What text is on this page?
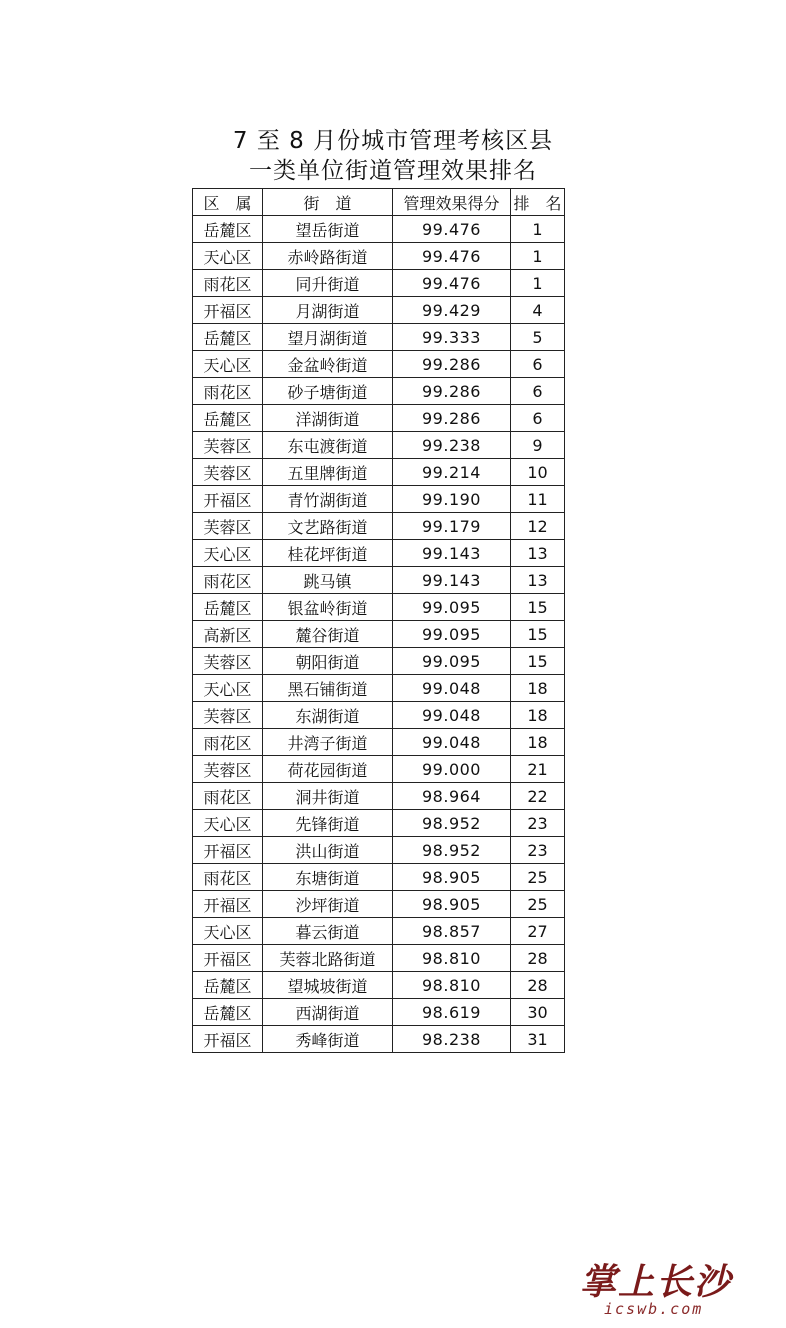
7 至 8 月份城市管理考核区县
一类单位街道管理效果排名
区　属	街　道	管理效果得分	排　名
岳麓区	望岳街道	99.476	1
天心区	赤岭路街道	99.476	1
雨花区	同升街道	99.476	1
开福区	月湖街道	99.429	4
岳麓区	望月湖街道	99.333	5
天心区	金盆岭街道	99.286	6
雨花区	砂子塘街道	99.286	6
岳麓区	洋湖街道	99.286	6
芙蓉区	东屯渡街道	99.238	9
芙蓉区	五里牌街道	99.214	10
开福区	青竹湖街道	99.190	11
芙蓉区	文艺路街道	99.179	12
天心区	桂花坪街道	99.143	13
雨花区	跳马镇	99.143	13
岳麓区	银盆岭街道	99.095	15
高新区	麓谷街道	99.095	15
芙蓉区	朝阳街道	99.095	15
天心区	黑石铺街道	99.048	18
芙蓉区	东湖街道	99.048	18
雨花区	井湾子街道	99.048	18
芙蓉区	荷花园街道	99.000	21
雨花区	洞井街道	98.964	22
天心区	先锋街道	98.952	23
开福区	洪山街道	98.952	23
雨花区	东塘街道	98.905	25
开福区	沙坪街道	98.905	25
天心区	暮云街道	98.857	27
开福区	芙蓉北路街道	98.810	28
岳麓区	望城坡街道	98.810	28
岳麓区	西湖街道	98.619	30
开福区	秀峰街道	98.238	31
掌上长沙
icswb.com
